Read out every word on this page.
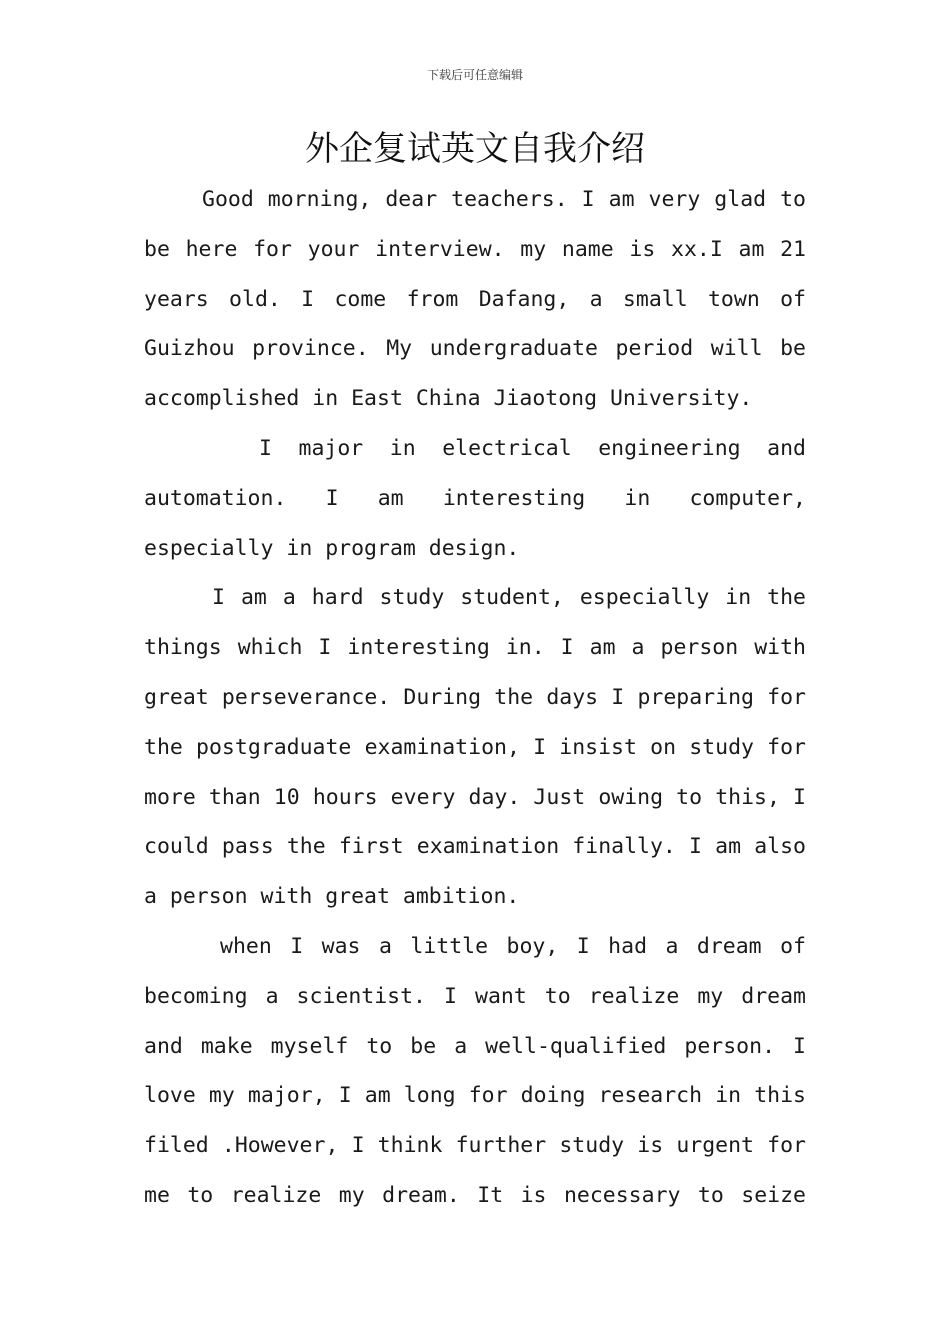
下载后可任意编辑
外企复试英文自我介绍
Good morning, dear teachers. I am very glad to
be here for your interview. my name is xx.I am 21
years old. I come from Dafang, a small town of
Guizhou province. My undergraduate period will be
accomplished in East China Jiaotong University.
I major in electrical engineering and
automation. I am interesting in computer,
especially in program design.
I am a hard study student, especially in the
things which I interesting in. I am a person with
great perseverance. During the days I preparing for
the postgraduate examination, I insist on study for
more than 10 hours every day. Just owing to this, I
could pass the first examination finally. I am also
a person with great ambition.
when I was a little boy, I had a dream of
becoming a scientist. I want to realize my dream
and make myself to be a well-qualified person. I
love my major, I am long for doing research in this
filed .However, I think further study is urgent for
me to realize my dream. It is necessary to seize
